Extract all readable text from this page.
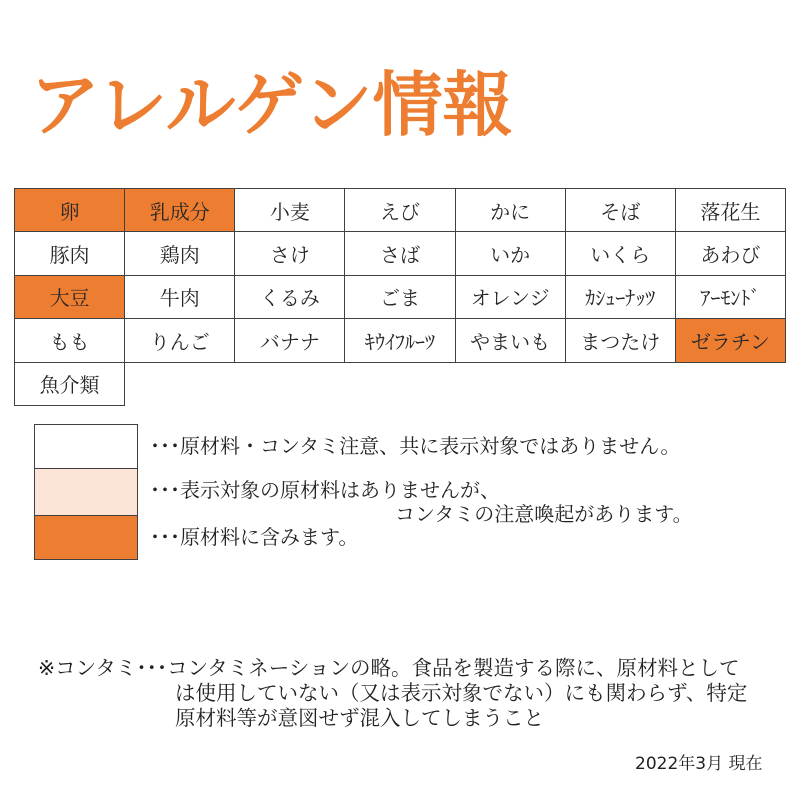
アレルゲン情報
卵	乳成分	小麦	えび	かに	そば	落花生
豚肉	鶏肉	さけ	さば	いか	いくら	あわび
大豆	牛肉	くるみ	ごま	オレンジ	ｶｼｭｰﾅｯﾂ	ｱｰﾓﾝﾄﾞ
もも	りんご	バナナ	ｷｳｲﾌﾙｰﾂ	やまいも	まつたけ	ゼラチン
魚介類						
･･･原材料・コンタミ注意、共に表示対象ではありません。
･･･表示対象の原材料はありませんが、
コンタミの注意喚起があります。
･･･原材料に含みます。
※コンタミ･･･コンタミネーションの略。食品を製造する際に、原材料として
は使用していない（又は表示対象でない）にも関わらず、特定
原材料等が意図せず混入してしまうこと
2022年3月 現在
